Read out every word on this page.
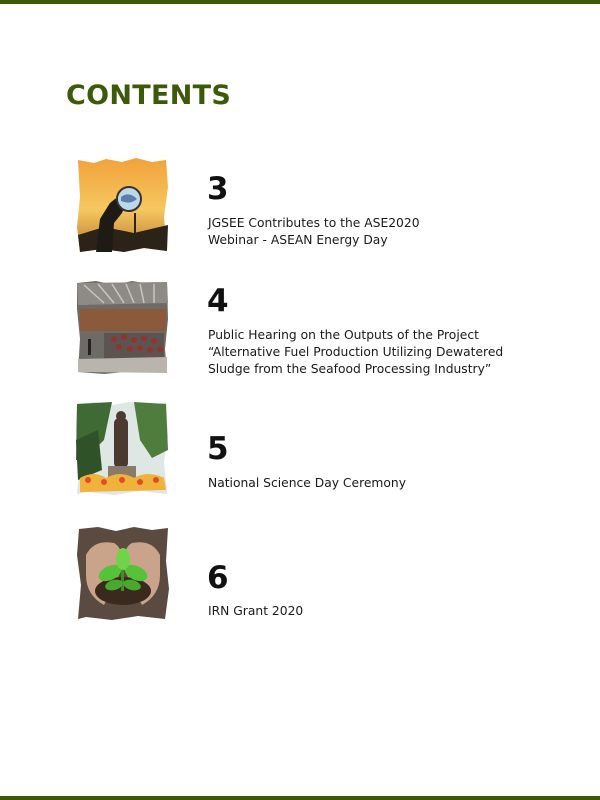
CONTENTS
3
JGSEE Contributes to the ASE2020
Webinar - ASEAN Energy Day
4
Public Hearing on the Outputs of the Project
“Alternative Fuel Production Utilizing Dewatered
Sludge from the Seafood Processing Industry”
5
National Science Day Ceremony
6
IRN Grant 2020
